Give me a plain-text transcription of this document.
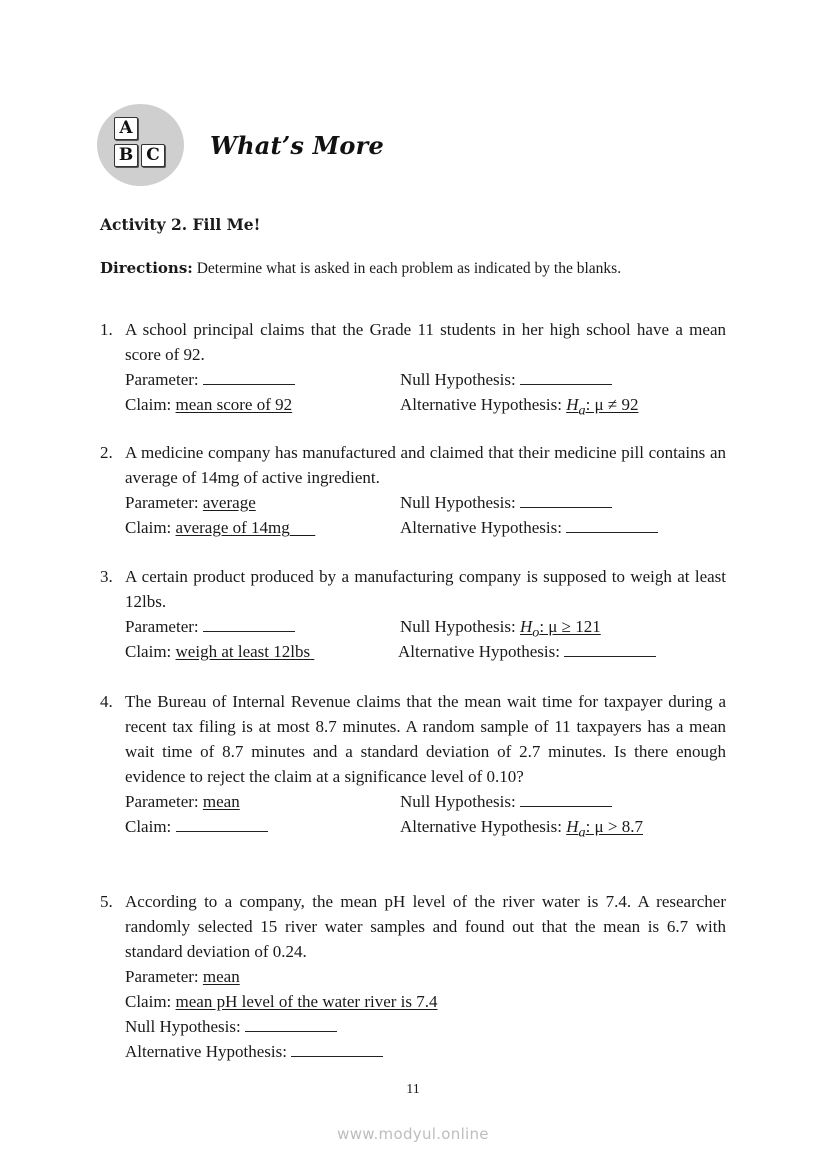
A
B C What’s More
Activity 2. Fill Me!
Directions: Determine what is asked in each problem as indicated by the blanks.
1. A school principal claims that the Grade 11 students in her high school have a mean score of 92.
Parameter:	Null Hypothesis:
Claim: mean score of 92	Alternative Hypothesis: $H_a$: μ ≠ 92
2. A medicine company has manufactured and claimed that their medicine pill contains an average of 14mg of active ingredient.
Parameter: average	Null Hypothesis:
Claim: average of 14mg	Alternative Hypothesis:
3. A certain product produced by a manufacturing company is supposed to weigh at least 12lbs.
Parameter:	Null Hypothesis: $H_o$: μ ≥ 121
Claim: weigh at least 12lbs	Alternative Hypothesis:
4. The Bureau of Internal Revenue claims that the mean wait time for taxpayer during a recent tax filing is at most 8.7 minutes. A random sample of 11 taxpayers has a mean wait time of 8.7 minutes and a standard deviation of 2.7 minutes. Is there enough evidence to reject the claim at a significance level of 0.10?
Parameter: mean	Null Hypothesis:
Claim:	Alternative Hypothesis: $H_a$: μ > 8.7
5. According to a company, the mean pH level of the river water is 7.4. A researcher randomly selected 15 river water samples and found out that the mean is 6.7 with standard deviation of 0.24.
Parameter: mean
Claim: mean pH level of the water river is 7.4
Null Hypothesis:
Alternative Hypothesis:
11
www.modyul.online
